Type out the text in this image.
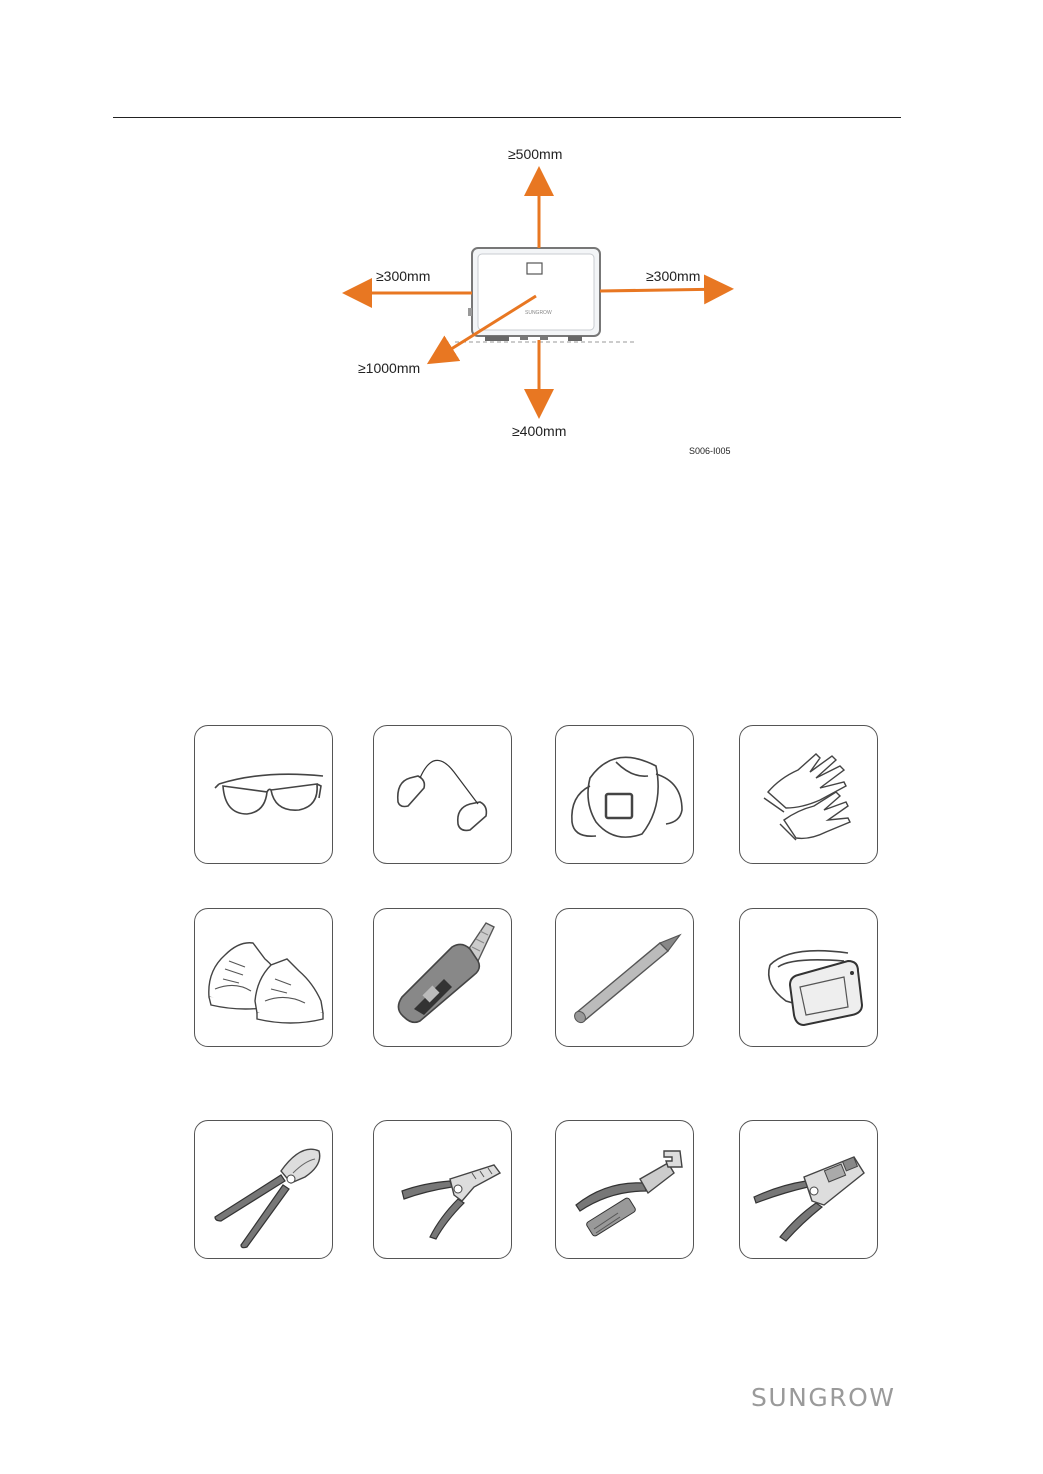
SUNGROW
≥500mm
≥300mm	≥300mm
≥1000mm
≥400mm
S006-I005
SUNGROW
